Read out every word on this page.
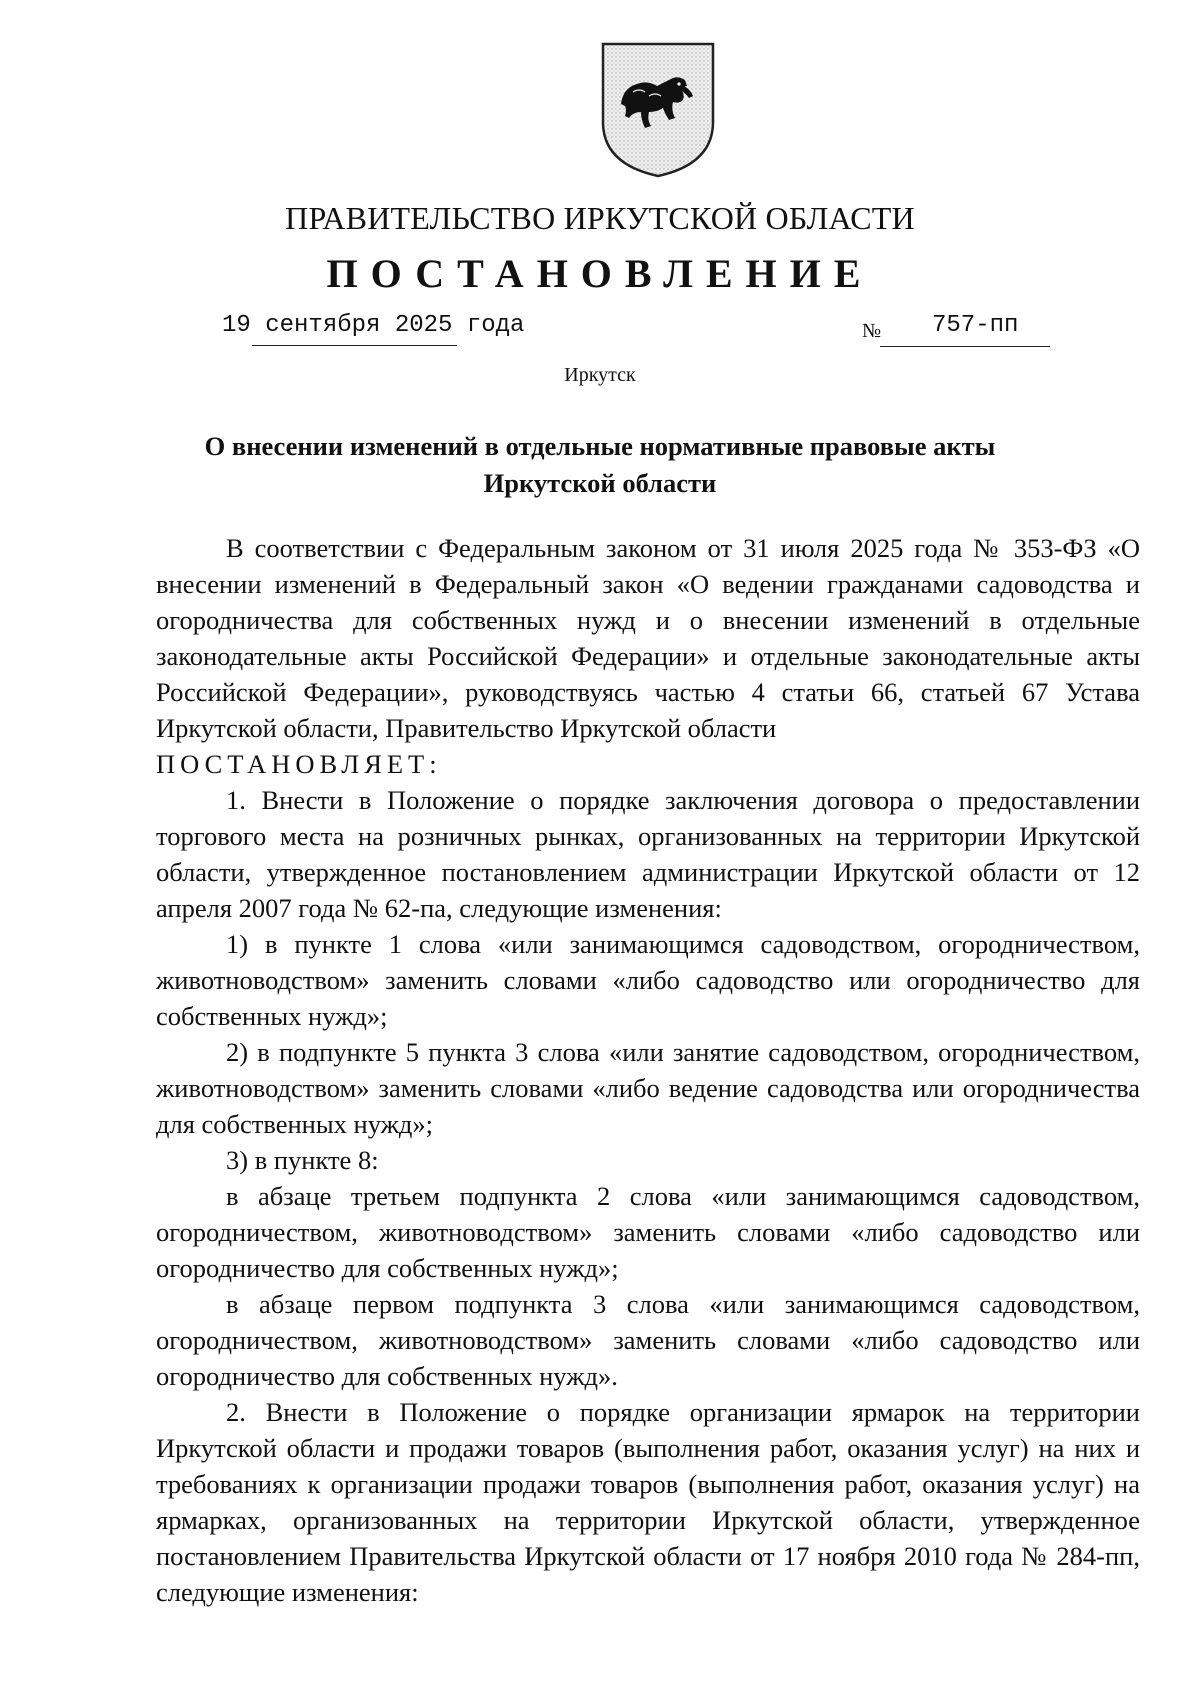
ПРАВИТЕЛЬСТВО ИРКУТСКОЙ ОБЛАСТИ
ПОСТАНОВЛЕНИЕ
19 сентября 2025 года	№ 757-пп
Иркутск
О внесении изменений в отдельные нормативные правовые акты
Иркутской области

В соответствии с Федеральным законом от 31 июля 2025 года № 353-ФЗ «О внесении изменений в Федеральный закон «О ведении гражданами садоводства и огородничества для собственных нужд и о внесении изменений в отдельные законодательные акты Российской Федерации» и отдельные законодательные акты Российской Федерации», руководствуясь частью 4 статьи 66, статьей 67 Устава Иркутской области, Правительство Иркутской области

ПОСТАНОВЛЯЕТ:

1. Внести в Положение о порядке заключения договора о предоставлении торгового места на розничных рынках, организованных на территории Иркутской области, утвержденное постановлением администрации Иркутской области от 12 апреля 2007 года № 62-па, следующие изменения:

1) в пункте 1 слова «или занимающимся садоводством, огородничеством, животноводством» заменить словами «либо садоводство или огородничество для собственных нужд»;

2) в подпункте 5 пункта 3 слова «или занятие садоводством, огородничеством, животноводством» заменить словами «либо ведение садоводства или огородничества для собственных нужд»;

3) в пункте 8:

в абзаце третьем подпункта 2 слова «или занимающимся садоводством, огородничеством, животноводством» заменить словами «либо садоводство или огородничество для собственных нужд»;

в абзаце первом подпункта 3 слова «или занимающимся садоводством, огородничеством, животноводством» заменить словами «либо садоводство или огородничество для собственных нужд».

2. Внести в Положение о порядке организации ярмарок на территории Иркутской области и продажи товаров (выполнения работ, оказания услуг) на них и требованиях к организации продажи товаров (выполнения работ, оказания услуг) на ярмарках, организованных на территории Иркутской области, утвержденное постановлением Правительства Иркутской области от 17 ноября 2010 года № 284-пп, следующие изменения:
